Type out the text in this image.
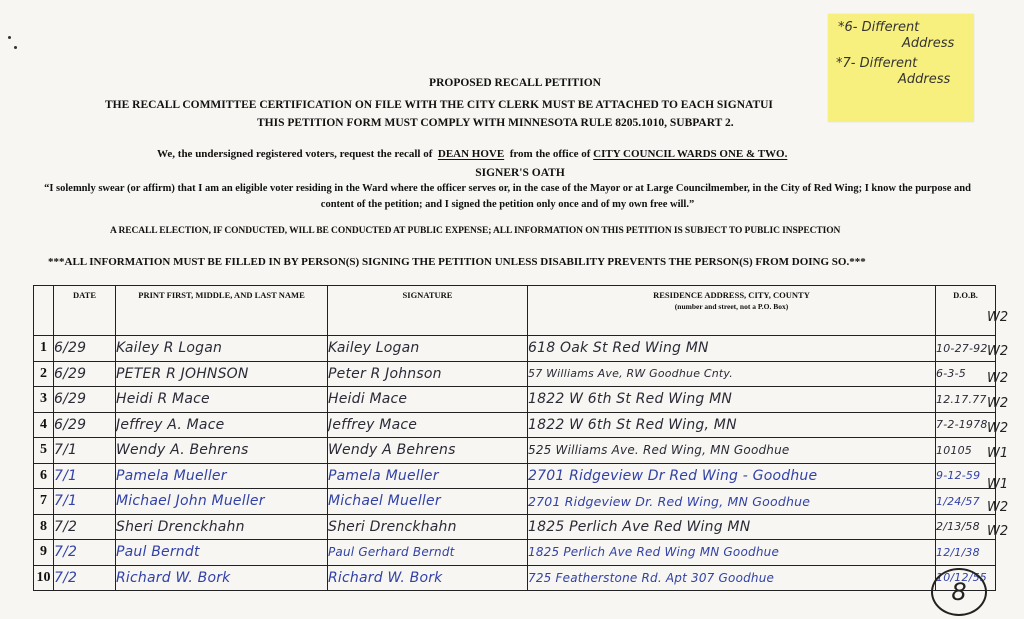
PROPOSED RECALL PETITION
THE RECALL COMMITTEE CERTIFICATION ON FILE WITH THE CITY CLERK MUST BE ATTACHED TO EACH SIGNATUI
THIS PETITION FORM MUST COMPLY WITH MINNESOTA RULE 8205.1010, SUBPART 2.
We, the undersigned registered voters, request the recall of DEAN HOVE from the office of CITY COUNCIL WARDS ONE & TWO.
SIGNER'S OATH
“I solemnly swear (or affirm) that I am an eligible voter residing in the Ward where the officer serves or, in the case of the Mayor or at Large Councilmember, in the City of Red Wing; I know the purpose and content of the petition; and I signed the petition only once and of my own free will.”
A RECALL ELECTION, IF CONDUCTED, WILL BE CONDUCTED AT PUBLIC EXPENSE; ALL INFORMATION ON THIS PETITION IS SUBJECT TO PUBLIC INSPECTION
***ALL INFORMATION MUST BE FILLED IN BY PERSON(S) SIGNING THE PETITION UNLESS DISABILITY PREVENTS THE PERSON(S) FROM DOING SO.***
*6- Different
Address
*7- Different
Address
	DATE	PRINT FIRST, MIDDLE, AND LAST NAME	SIGNATURE	RESIDENCE ADDRESS, CITY, COUNTY
(number and street, not a P.O. Box)	D.O.B.
1	6/29	Kailey R Logan	Kailey Logan	618 Oak St Red Wing MN	10-27-92
2	6/29	PETER R JOHNSON	Peter R Johnson	57 Williams Ave, RW Goodhue Cnty.	6-3-5
3	6/29	Heidi R Mace	Heidi Mace	1822 W 6th St Red Wing MN	12.17.77
4	6/29	Jeffrey A. Mace	Jeffrey Mace	1822 W 6th St Red Wing, MN	7-2-1978
5	7/1	Wendy A. Behrens	Wendy A Behrens	525 Williams Ave. Red Wing, MN Goodhue	10105
6	7/1	Pamela Mueller	Pamela Mueller	2701 Ridgeview Dr Red Wing - Goodhue	9-12-59
7	7/1	Michael John Mueller	Michael Mueller	2701 Ridgeview Dr. Red Wing, MN Goodhue	1/24/57
8	7/2	Sheri Drenckhahn	Sheri Drenckhahn	1825 Perlich Ave Red Wing MN	2/13/58
9	7/2	Paul Berndt	Paul Gerhard Berndt	1825 Perlich Ave Red Wing MN Goodhue	12/1/38
10	7/2	Richard W. Bork	Richard W. Bork	725 Featherstone Rd. Apt 307 Goodhue	10/12/55
W2
W2
W2
W2
W2
W1
W1
W2
W2
8
